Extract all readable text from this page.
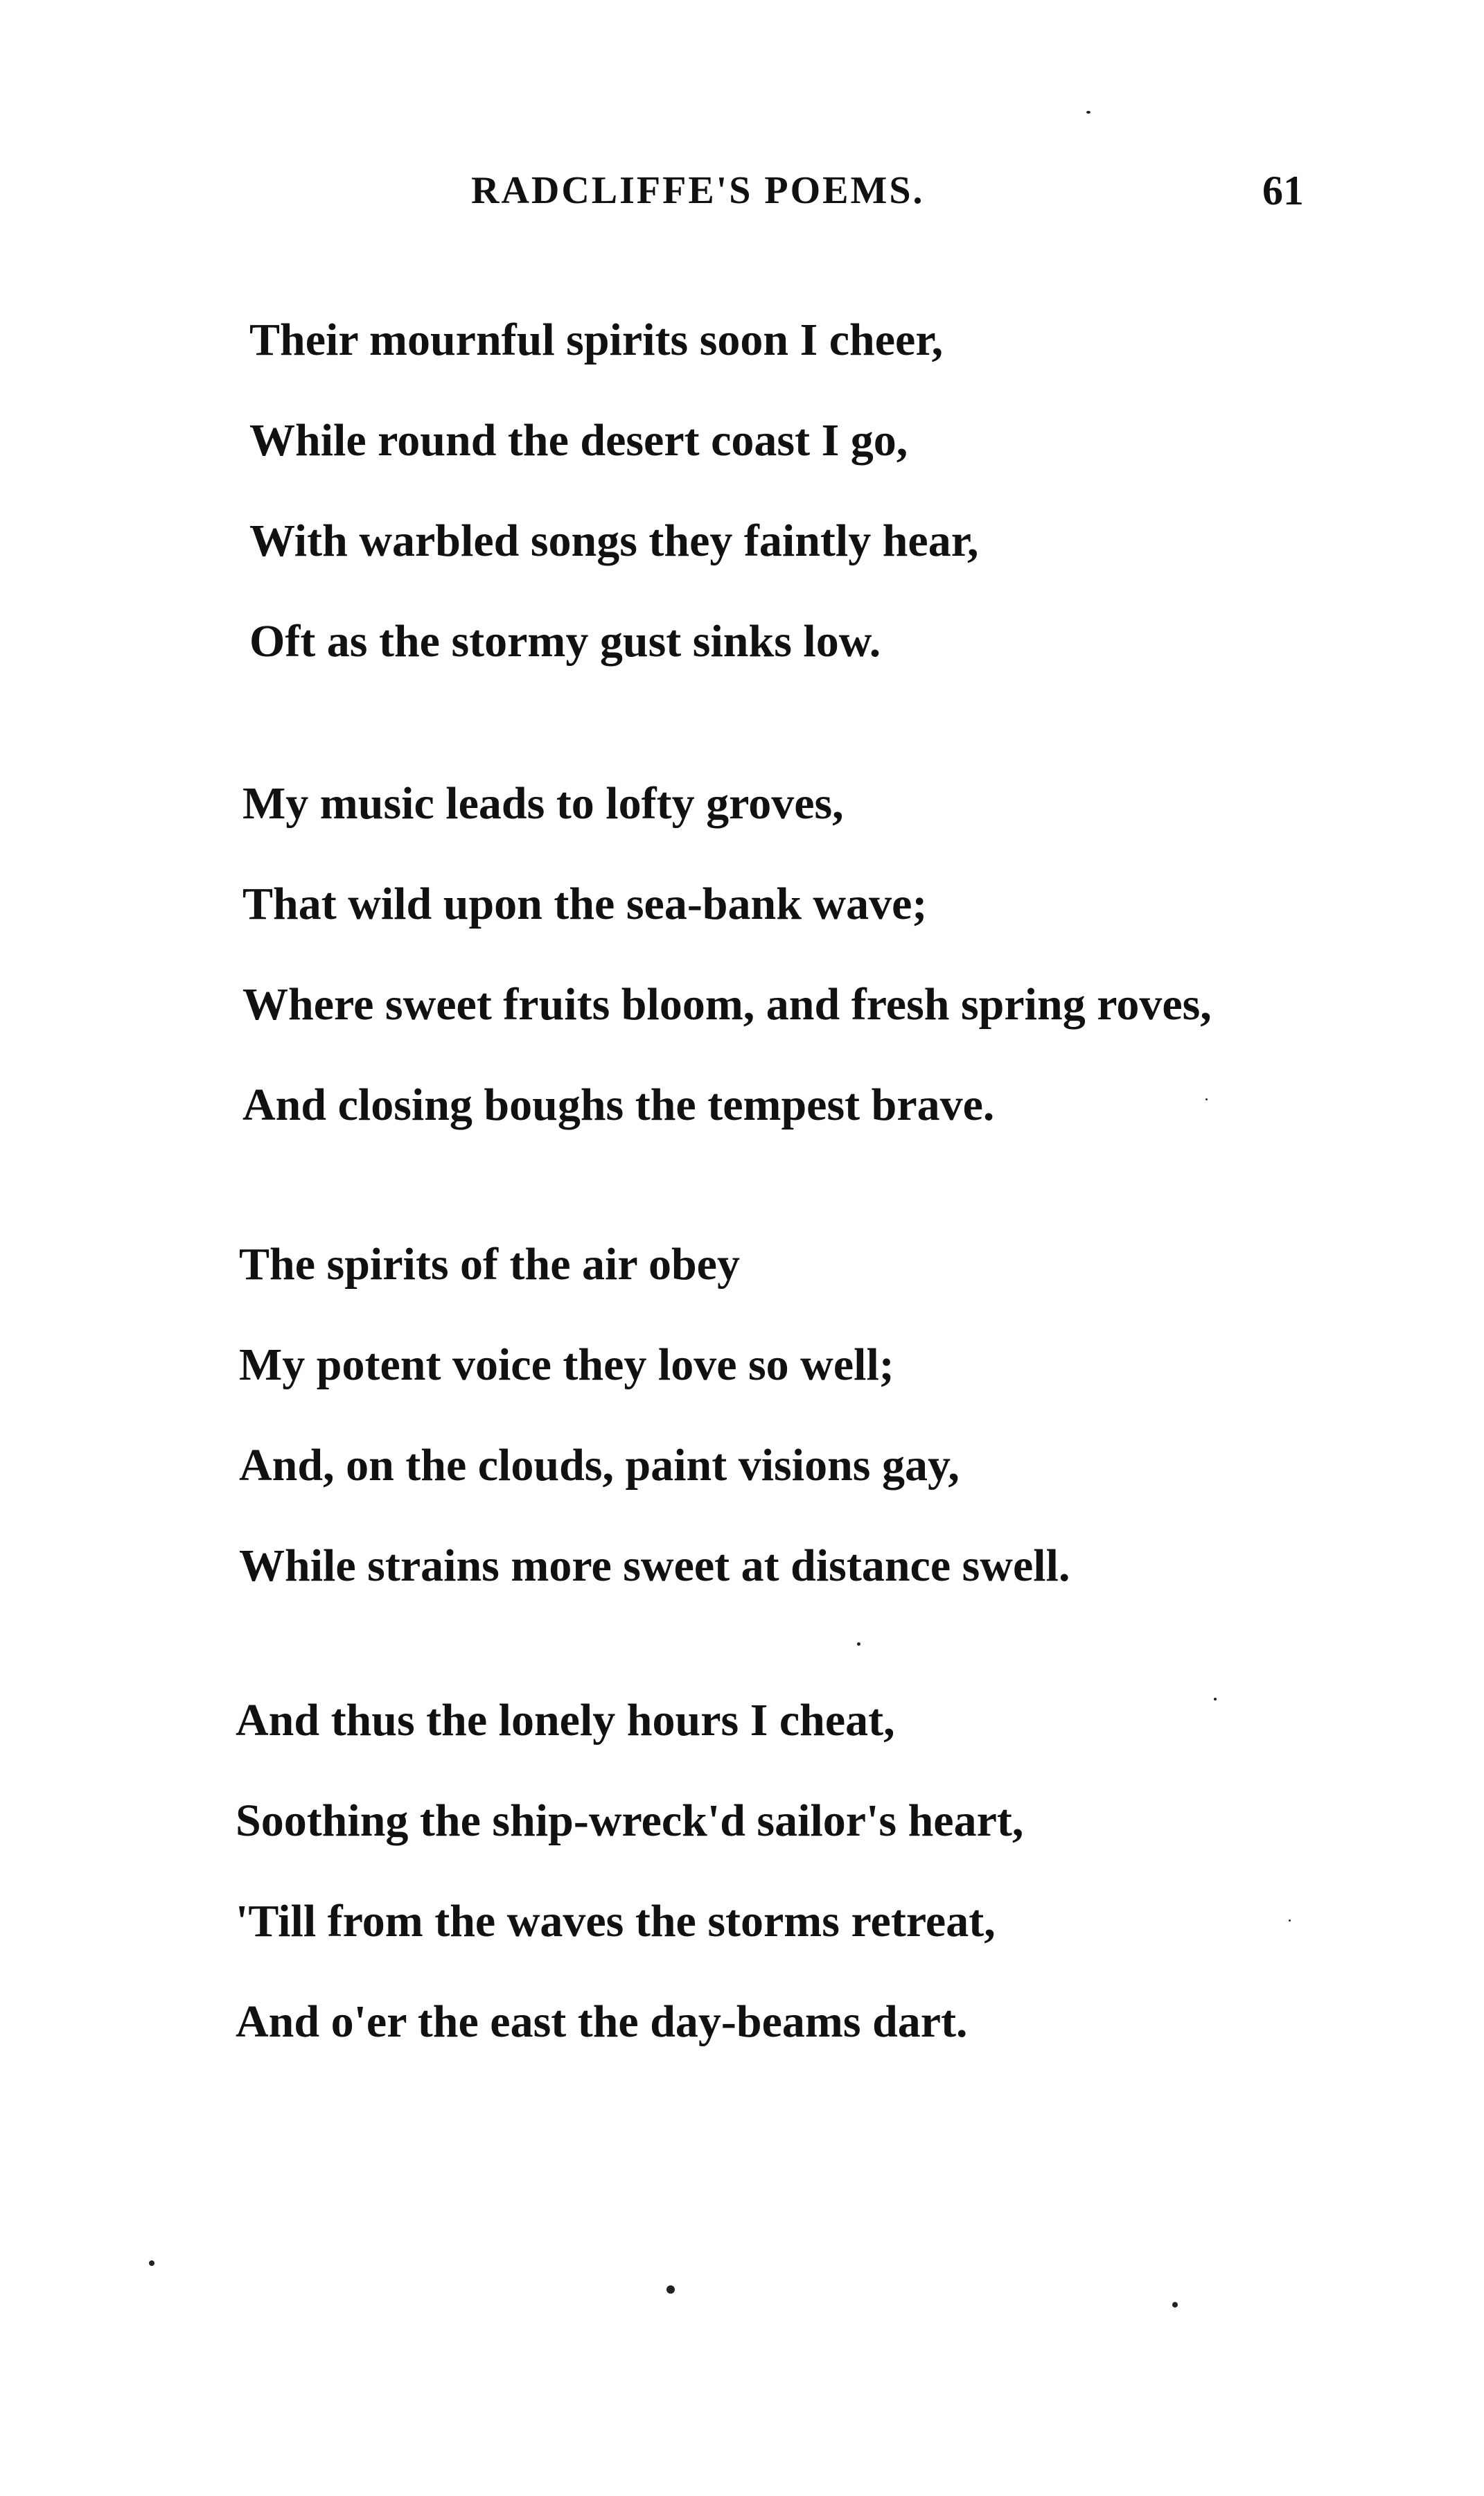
RADCLIFFE'S POEMS.	61
Their mournful spirits soon I cheer,
While round the desert coast I go,
With warbled songs they faintly hear,
Oft as the stormy gust sinks low.
My music leads to lofty groves,
That wild upon the sea-bank wave;
Where sweet fruits bloom, and fresh spring roves,
And closing boughs the tempest brave.
The spirits of the air obey
My potent voice they love so well;
And, on the clouds, paint visions gay,
While strains more sweet at distance swell.
And thus the lonely hours I cheat,
Soothing the ship-wreck'd sailor's heart,
'Till from the waves the storms retreat,
And o'er the east the day-beams dart.
